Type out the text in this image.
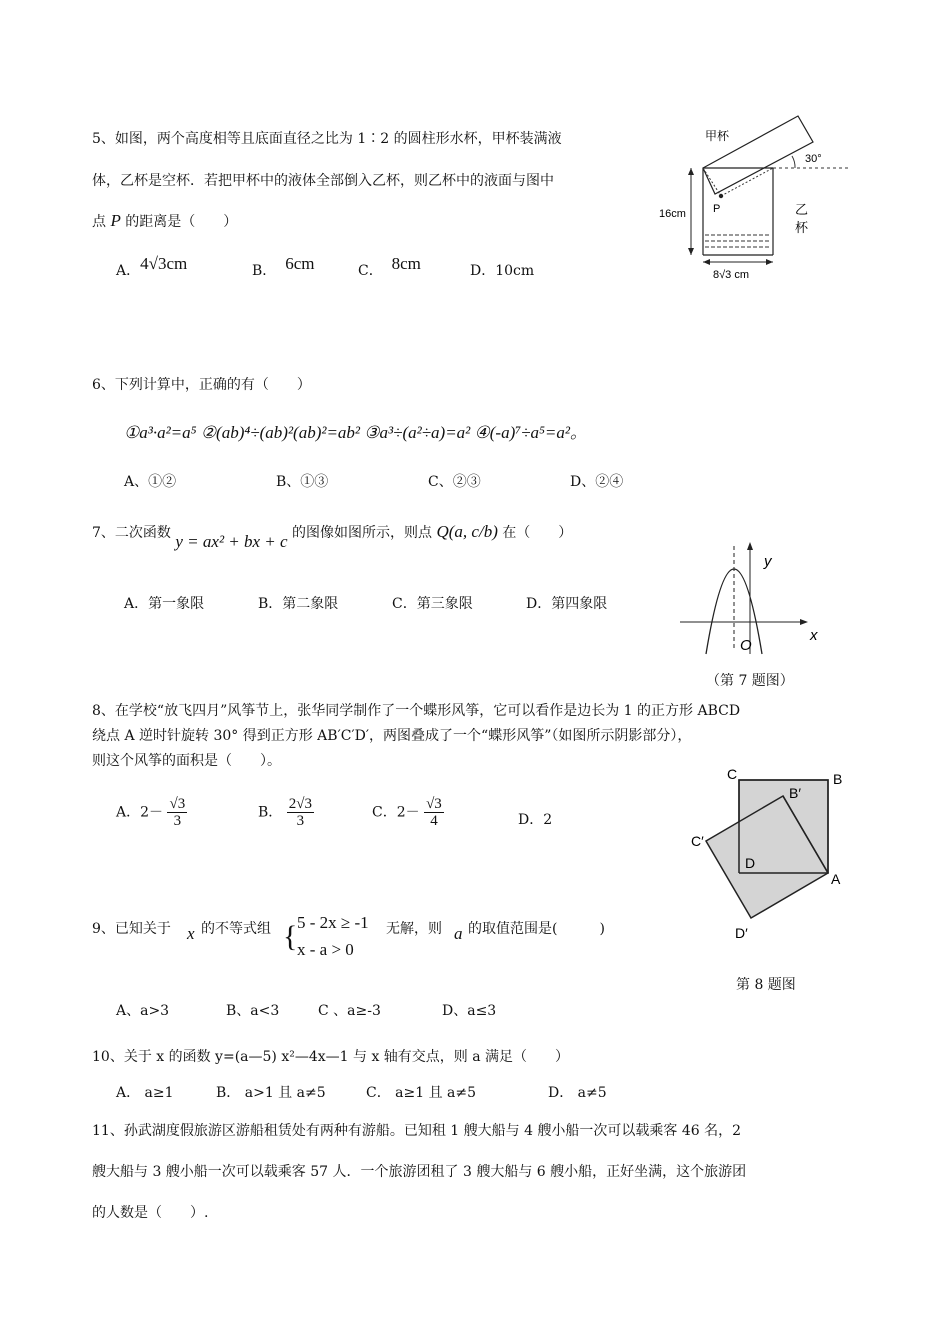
5、如图，两个高度相等且底面直径之比为 1∶2 的圆柱形水杯，甲杯装满液
体，乙杯是空杯．若把甲杯中的液体全部倒入乙杯，则乙杯中的液面与图中
点 P 的距离是（　　）
A．4√3cm	B． 6cm	C． 8cm	D．10cm
甲杯
30°
P
16cm	乙
杯
8√3 cm
6、下列计算中，正确的有（　　）
①a³·a²=a⁵ ②(ab)⁴÷(ab)²(ab)²=ab² ③a³÷(a²÷a)=a² ④(-a)⁷÷a⁵=a²。
A、①②	B、①③	C、②③	D、②④
7、二次函数 y = ax² + bx + c 的图像如图所示，则点 Q(a, c/b) 在（　　）
A．第一象限	B．第二象限	C．第三象限	D．第四象限
y
x
O
（第 7 题图）
8、在学校“放飞四月”风筝节上，张华同学制作了一个蝶形风筝，它可以看作是边长为 1 的正方形 ABCD
绕点 A 逆时针旋转 30° 得到正方形 AB′C′D′，两图叠成了一个“蝶形风筝”（如图所示阴影部分），
则这个风筝的面积是（　　）。
A．$2- \frac{√3}{3}$	B． $\frac{2√3}{3}$	C．$2- \frac{√3}{4}$	D．2
C	B
B′
C′
D
A
D′
第 8 题图
9、已知关于 x 的不等式组 { 5 - 2x ≥ -1
x - a > 0
无解，则 a 的取值范围是(　　　)
A、a>3	B、a<3	C 、a≥-3	D、a≤3
10、关于 x 的函数 y=(a—5) x²—4x—1 与 x 轴有交点，则 a 满足（　　）
A． a≥1	B． a>1 且 a≠5	C． a≥1 且 a≠5	D． a≠5
11、孙武湖度假旅游区游船租赁处有两种有游船。已知租 1 艘大船与 4 艘小船一次可以载乘客 46 名，2
艘大船与 3 艘小船一次可以载乘客 57 人．一个旅游团租了 3 艘大船与 6 艘小船，正好坐满，这个旅游团
的人数是（　　）.
